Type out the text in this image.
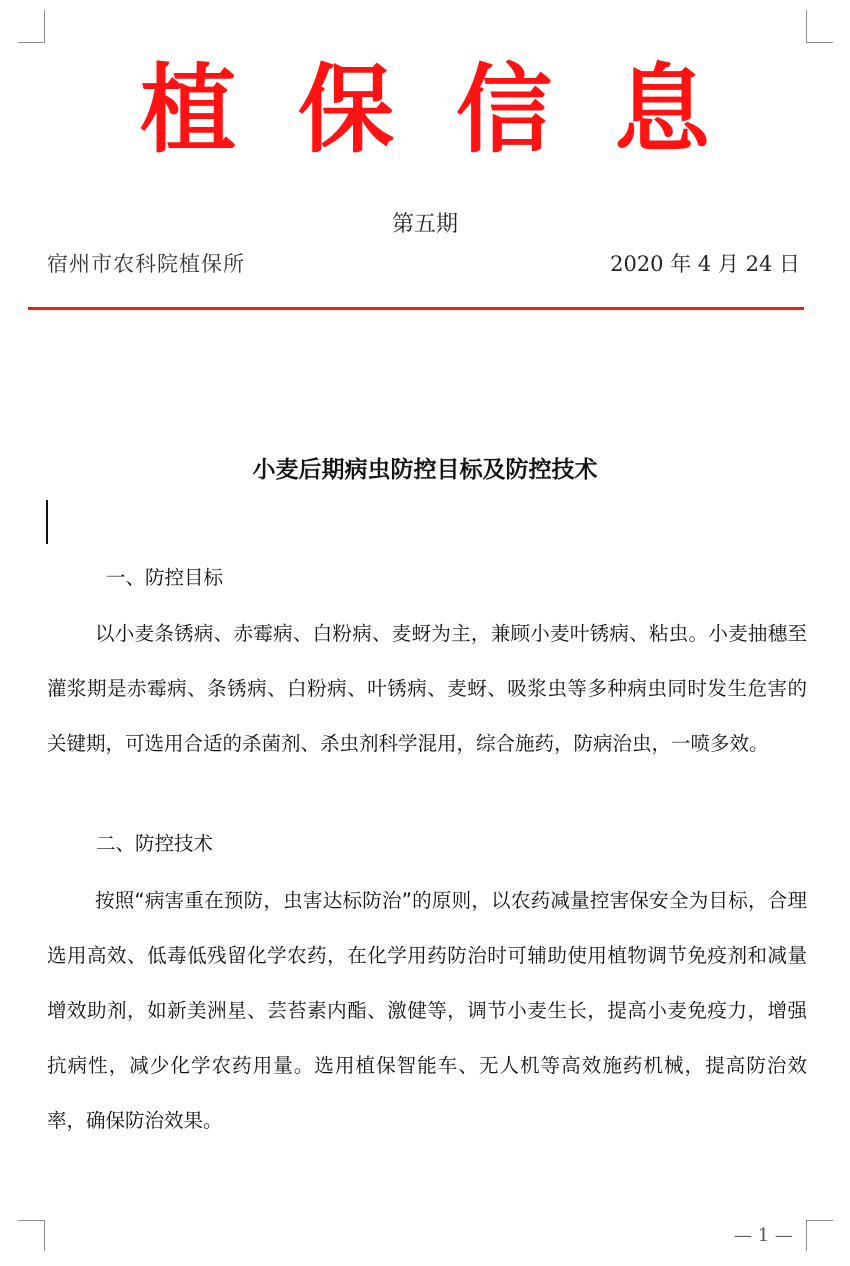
植 保 信 息
第五期
宿州市农科院植保所	2020 年 4 月 24 日
小麦后期病虫防控目标及防控技术
一、防控目标
以小麦条锈病、赤霉病、白粉病、麦蚜为主，兼顾小麦叶锈病、粘虫。小麦抽穗至灌浆期是赤霉病、条锈病、白粉病、叶锈病、麦蚜、吸浆虫等多种病虫同时发生危害的关键期，可选用合适的杀菌剂、杀虫剂科学混用，综合施药，防病治虫，一喷多效。
二、防控技术
按照“病害重在预防，虫害达标防治”的原则，以农药减量控害保安全为目标，合理选用高效、低毒低残留化学农药，在化学用药防治时可辅助使用植物调节免疫剂和减量增效助剂，如新美洲星、芸苔素内酯、激健等，调节小麦生长，提高小麦免疫力，增强抗病性，减少化学农药用量。选用植保智能车、无人机等高效施药机械，提高防治效率，确保防治效果。
— 1 —
